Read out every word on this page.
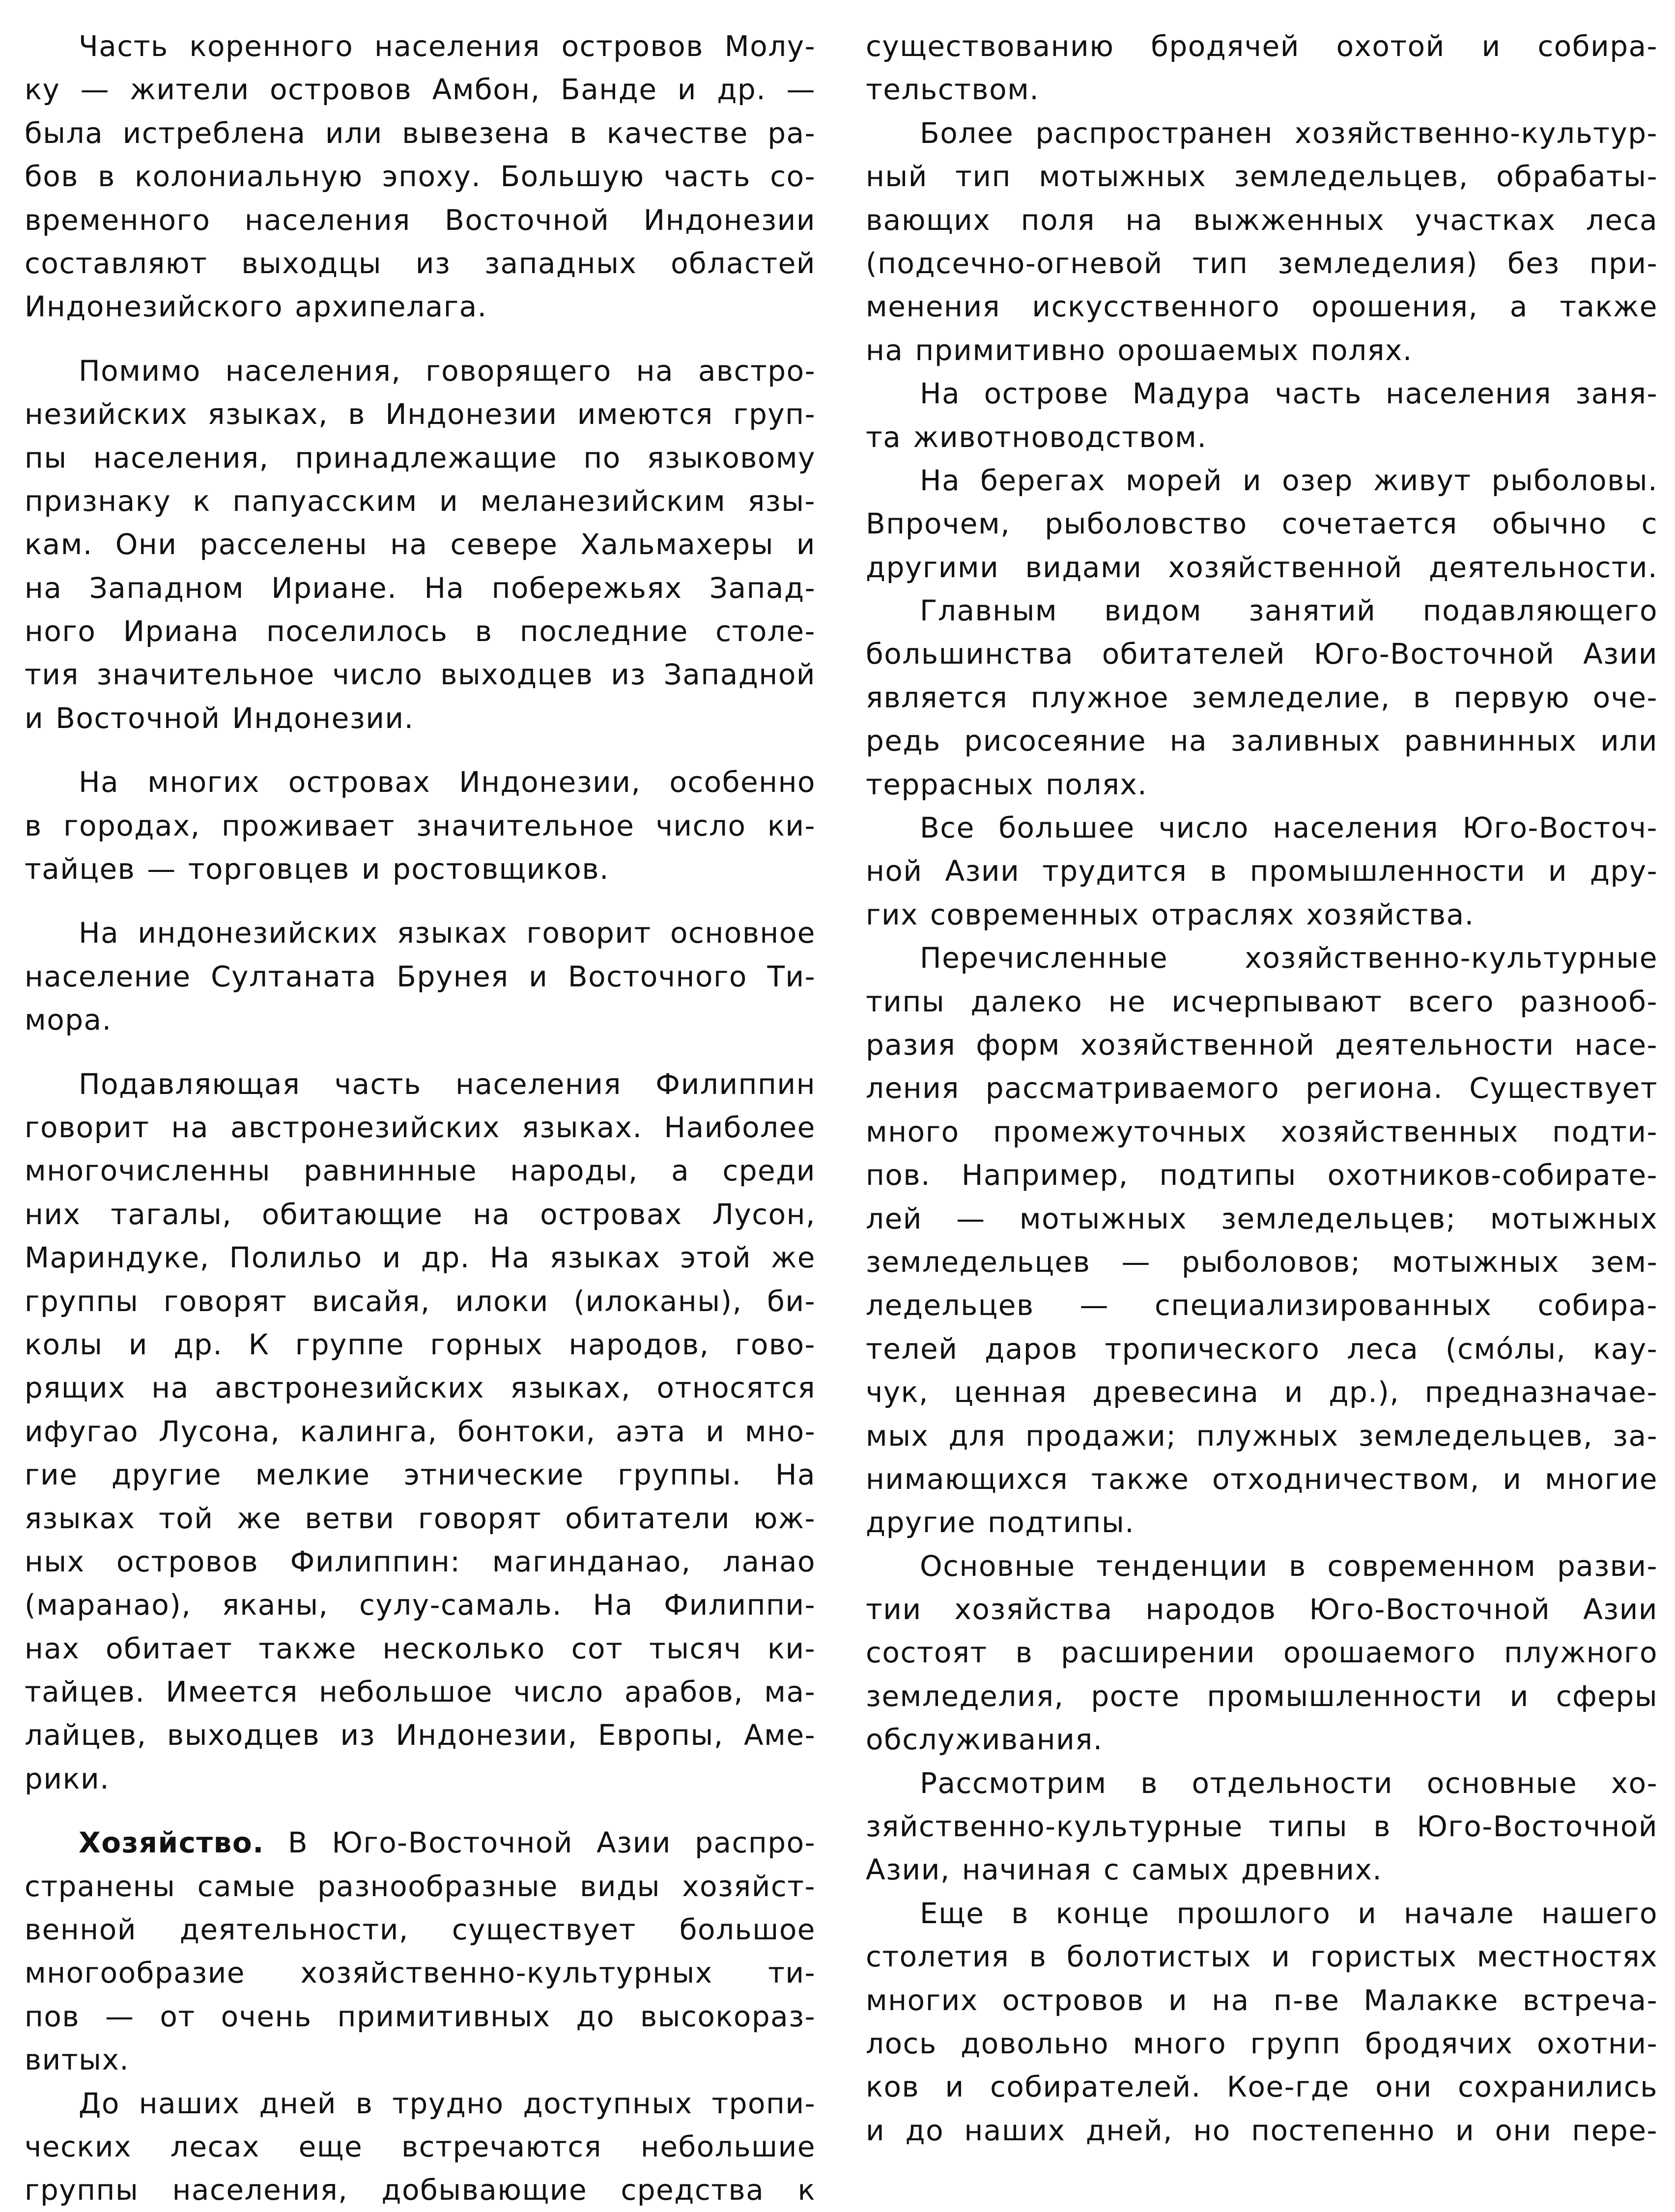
Часть коренного населения островов Молу-
ку — жители островов Амбон, Банде и др. —
была истреблена или вывезена в качестве ра-
бов в колониальную эпоху. Большую часть со-
временного населения Восточной Индонезии
составляют выходцы из западных областей
Индонезийского архипелага.
Помимо населения, говорящего на австро-
незийских языках, в Индонезии имеются груп-
пы населения, принадлежащие по языковому
признаку к папуасским и меланезийским язы-
кам. Они расселены на севере Хальмахеры и
на Западном Ириане. На побережьях Запад-
ного Ириана поселилось в последние столе-
тия значительное число выходцев из Западной
и Восточной Индонезии.
На многих островах Индонезии, особенно
в городах, проживает значительное число ки-
тайцев — торговцев и ростовщиков.
На индонезийских языках говорит основное
население Султаната Брунея и Восточного Ти-
мора.
Подавляющая часть населения Филиппин
говорит на австронезийских языках. Наиболее
многочисленны равнинные народы, а среди
них тагалы, обитающие на островах Лусон,
Мариндуке, Полильо и др. На языках этой же
группы говорят висайя, илоки (илоканы), би-
колы и др. К группе горных народов, гово-
рящих на австронезийских языках, относятся
ифугао Лусона, калинга, бонтоки, аэта и мно-
гие другие мелкие этнические группы. На
языках той же ветви говорят обитатели юж-
ных островов Филиппин: магинданао, ланао
(маранао), яканы, сулу-самаль. На Филиппи-
нах обитает также несколько сот тысяч ки-
тайцев. Имеется небольшое число арабов, ма-
лайцев, выходцев из Индонезии, Европы, Аме-
рики.
Хозяйство. В Юго-Восточной Азии распро-
странены самые разнообразные виды хозяйст-
венной деятельности, существует большое
многообразие хозяйственно-культурных ти-
пов — от очень примитивных до высокораз-
витых.
До наших дней в трудно доступных тропи-
ческих лесах еще встречаются небольшие
группы населения, добывающие средства к
существованию бродячей охотой и собира-
тельством.
Более распространен хозяйственно-культур-
ный тип мотыжных земледельцев, обрабаты-
вающих поля на выжженных участках леса
(подсечно-огневой тип земледелия) без при-
менения искусственного орошения, а также
на примитивно орошаемых полях.
На острове Мадура часть населения заня-
та животноводством.
На берегах морей и озер живут рыболовы.
Впрочем, рыболовство сочетается обычно с
другими видами хозяйственной деятельности.
Главным видом занятий подавляющего
большинства обитателей Юго-Восточной Азии
является плужное земледелие, в первую оче-
редь рисосеяние на заливных равнинных или
террасных полях.
Все большее число населения Юго-Восточ-
ной Азии трудится в промышленности и дру-
гих современных отраслях хозяйства.
Перечисленные хозяйственно-культурные
типы далеко не исчерпывают всего разнооб-
разия форм хозяйственной деятельности насе-
ления рассматриваемого региона. Существует
много промежуточных хозяйственных подти-
пов. Например, подтипы охотников-собирате-
лей — мотыжных земледельцев; мотыжных
земледельцев — рыболовов; мотыжных зем-
ледельцев — специализированных собира-
телей даров тропического леса (смóлы, кау-
чук, ценная древесина и др.), предназначае-
мых для продажи; плужных земледельцев, за-
нимающихся также отходничеством, и многие
другие подтипы.
Основные тенденции в современном разви-
тии хозяйства народов Юго-Восточной Азии
состоят в расширении орошаемого плужного
земледелия, росте промышленности и сферы
обслуживания.
Рассмотрим в отдельности основные хо-
зяйственно-культурные типы в Юго-Восточной
Азии, начиная с самых древних.
Еще в конце прошлого и начале нашего
столетия в болотистых и гористых местностях
многих островов и на п-ве Малакке встреча-
лось довольно много групп бродячих охотни-
ков и собирателей. Кое-где они сохранились
и до наших дней, но постепенно и они пере-
